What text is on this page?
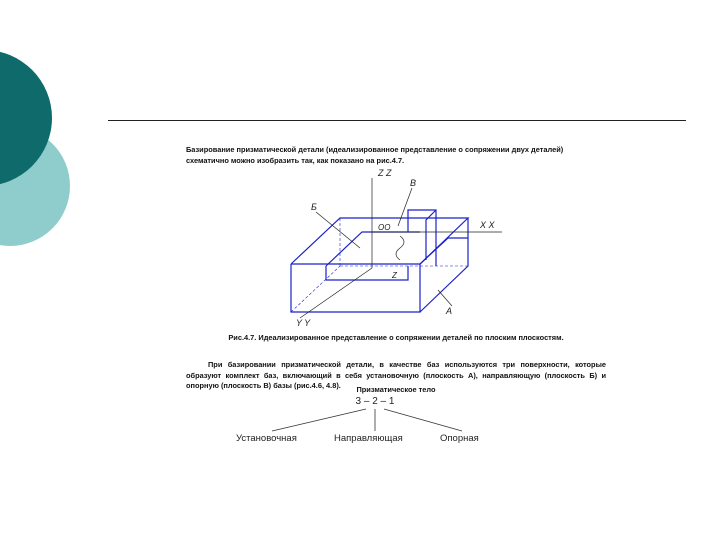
Базирование призматической детали (идеализированное представление о сопряжении двух деталей) схематично можно изобразить так, как показано на рис.4.7.

Z Z
В
Б
OO	X X
Z
Y Y
А
Рис.4.7. Идеализированное представление о сопряжении деталей по плоским плоскостям.

При базировании призматической детали, в качестве баз используются три поверхности, которые образуют комплект баз, включающий в себя установочную (плоскость А), направляющую (плоскость Б) и опорную (плоскость В) базы (рис.4.6, 4.8).	Призматическое тело
3 – 2 – 1
Установочная	Направляющая	Опорная
